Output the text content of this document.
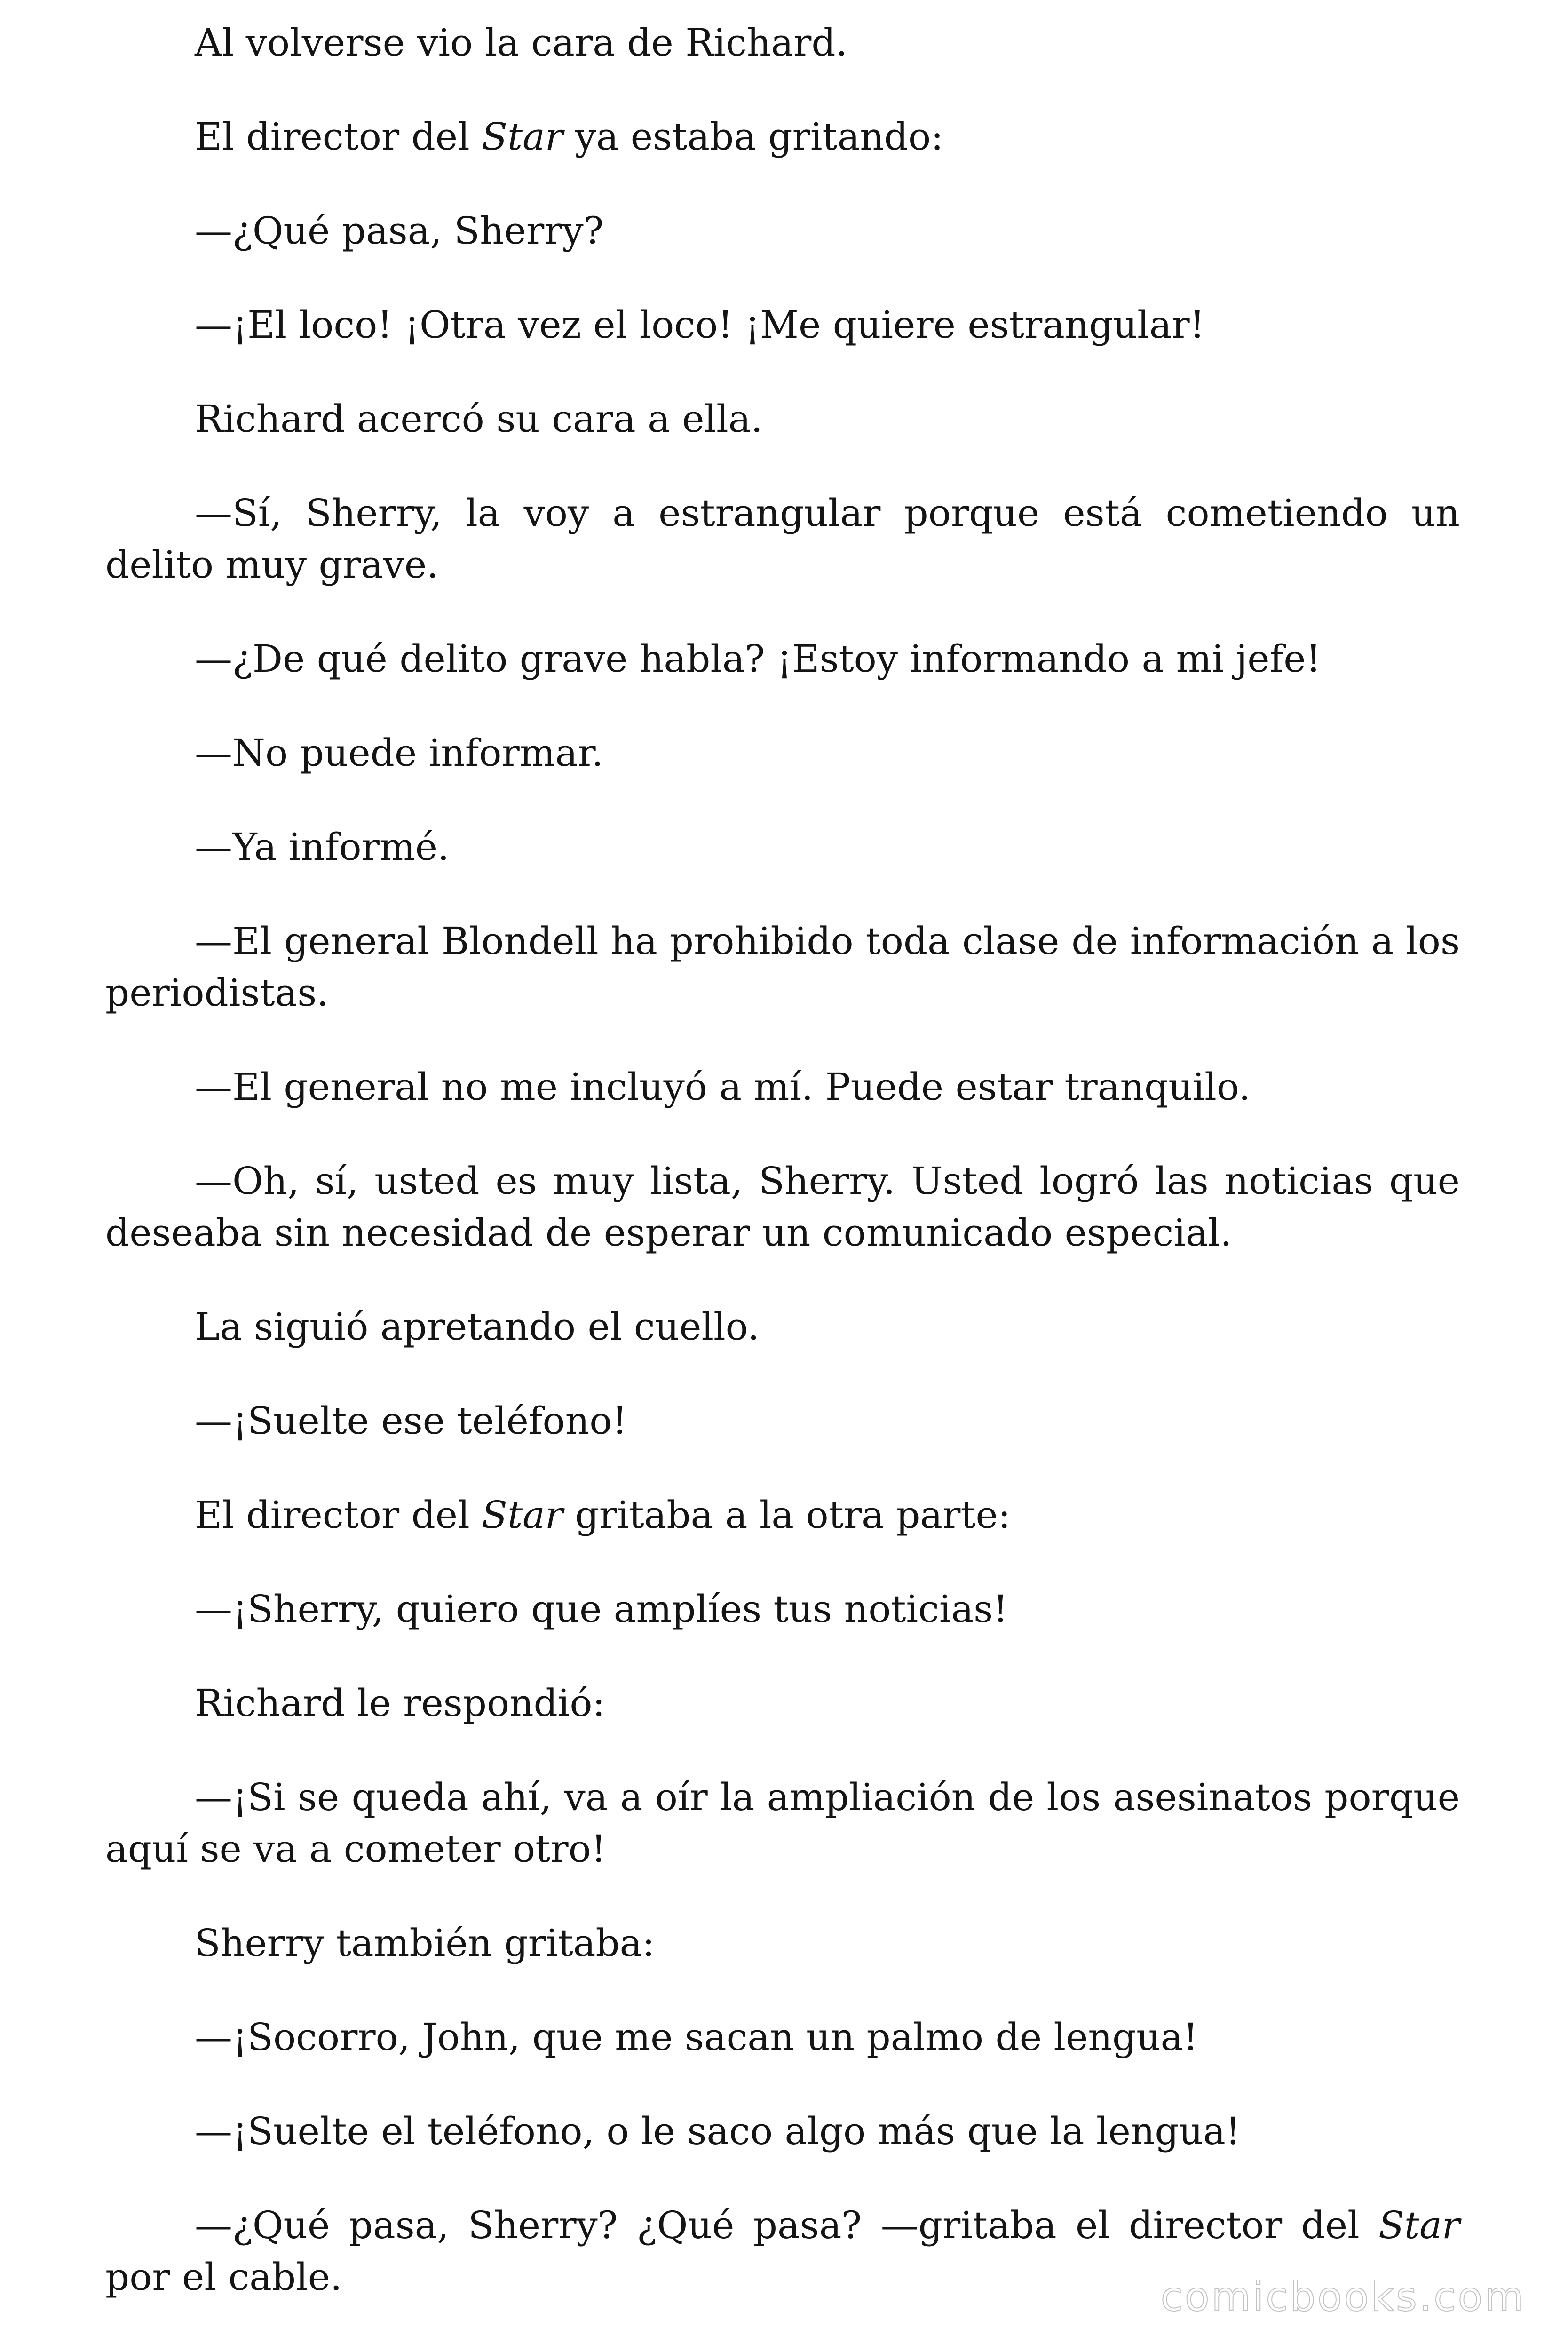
Al volverse vio la cara de Richard.

El director del Star ya estaba gritando:

—¿Qué pasa, Sherry?

—¡El loco! ¡Otra vez el loco! ¡Me quiere estrangular!

Richard acercó su cara a ella.

—Sí, Sherry, la voy a estrangular porque está cometiendo un delito muy grave.

—¿De qué delito grave habla? ¡Estoy informando a mi jefe!

—No puede informar.

—Ya informé.

—El general Blondell ha prohibido toda clase de información a los periodistas.

—El general no me incluyó a mí. Puede estar tranquilo.

—Oh, sí, usted es muy lista, Sherry. Usted logró las noticias que deseaba sin necesidad de esperar un comunicado especial.

La siguió apretando el cuello.

—¡Suelte ese teléfono!

El director del Star gritaba a la otra parte:

—¡Sherry, quiero que amplíes tus noticias!

Richard le respondió:

—¡Si se queda ahí, va a oír la ampliación de los asesinatos porque aquí se va a cometer otro!

Sherry también gritaba:

—¡Socorro, John, que me sacan un palmo de lengua!

—¡Suelte el teléfono, o le saco algo más que la lengua!

—¿Qué pasa, Sherry? ¿Qué pasa? —gritaba el director del Star por el cable.	comicbooks.com
